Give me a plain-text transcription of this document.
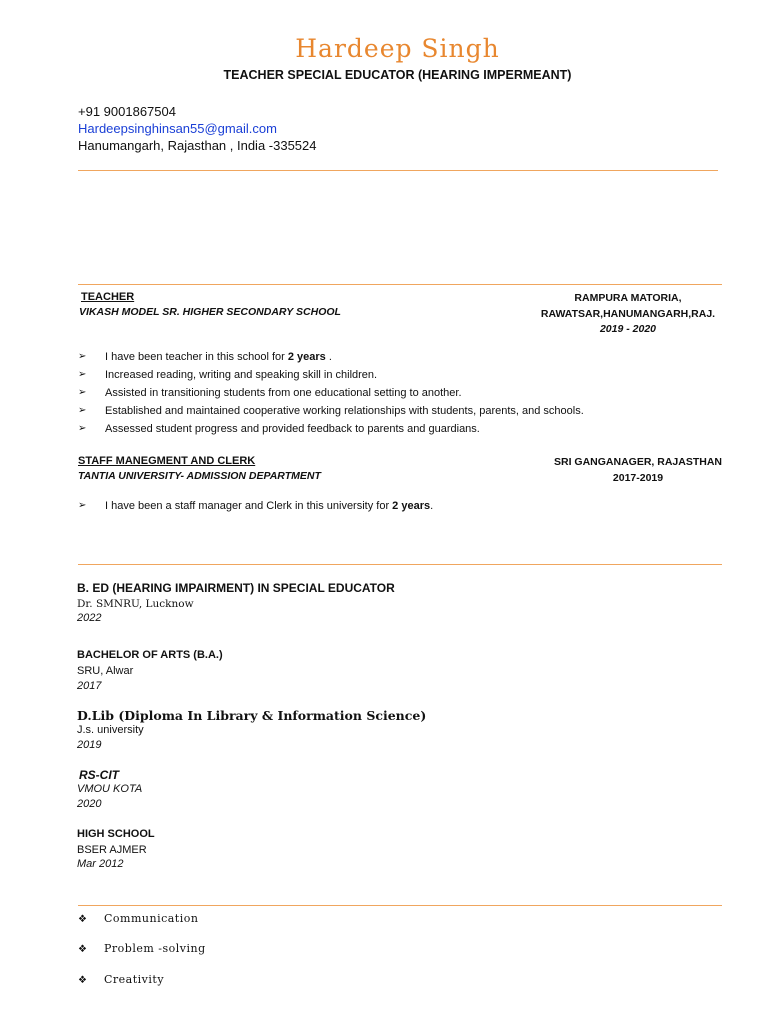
Hardeep Singh
TEACHER SPECIAL EDUCATOR (HEARING IMPERMEANT)
+91 9001867504
Hardeepsinghinsan55@gmail.com
Hanumangarh, Rajasthan , India -335524
TEACHER
VIKASH MODEL SR. HIGHER SECONDARY SCHOOL
RAMPURA MATORIA,
RAWATSAR,HANUMANGARH,RAJ.
2019 - 2020
➢ I have been teacher in this school for 2 years .
➢ Increased reading, writing and speaking skill in children.
➢ Assisted in transitioning students from one educational setting to another.
➢ Established and maintained cooperative working relationships with students, parents, and schools.
➢ Assessed student progress and provided feedback to parents and guardians.
STAFF MANEGMENT AND CLERK
TANTIA UNIVERSITY- ADMISSION DEPARTMENT
SRI GANGANAGER, RAJASTHAN
2017-2019
➢ I have been a staff manager and Clerk in this university for 2 years.
B. ED (HEARING IMPAIRMENT) IN SPECIAL EDUCATOR
Dr. SMNRU, Lucknow
2022
BACHELOR OF ARTS (B.A.)
SRU, Alwar
2017
D.Lib (Diploma In Library & Information Science)
J.s. university
2019
RS-CIT
VMOU KOTA
2020
HIGH SCHOOL
BSER AJMER
Mar 2012
❖ Communication
❖ Problem -solving
❖ Creativity
